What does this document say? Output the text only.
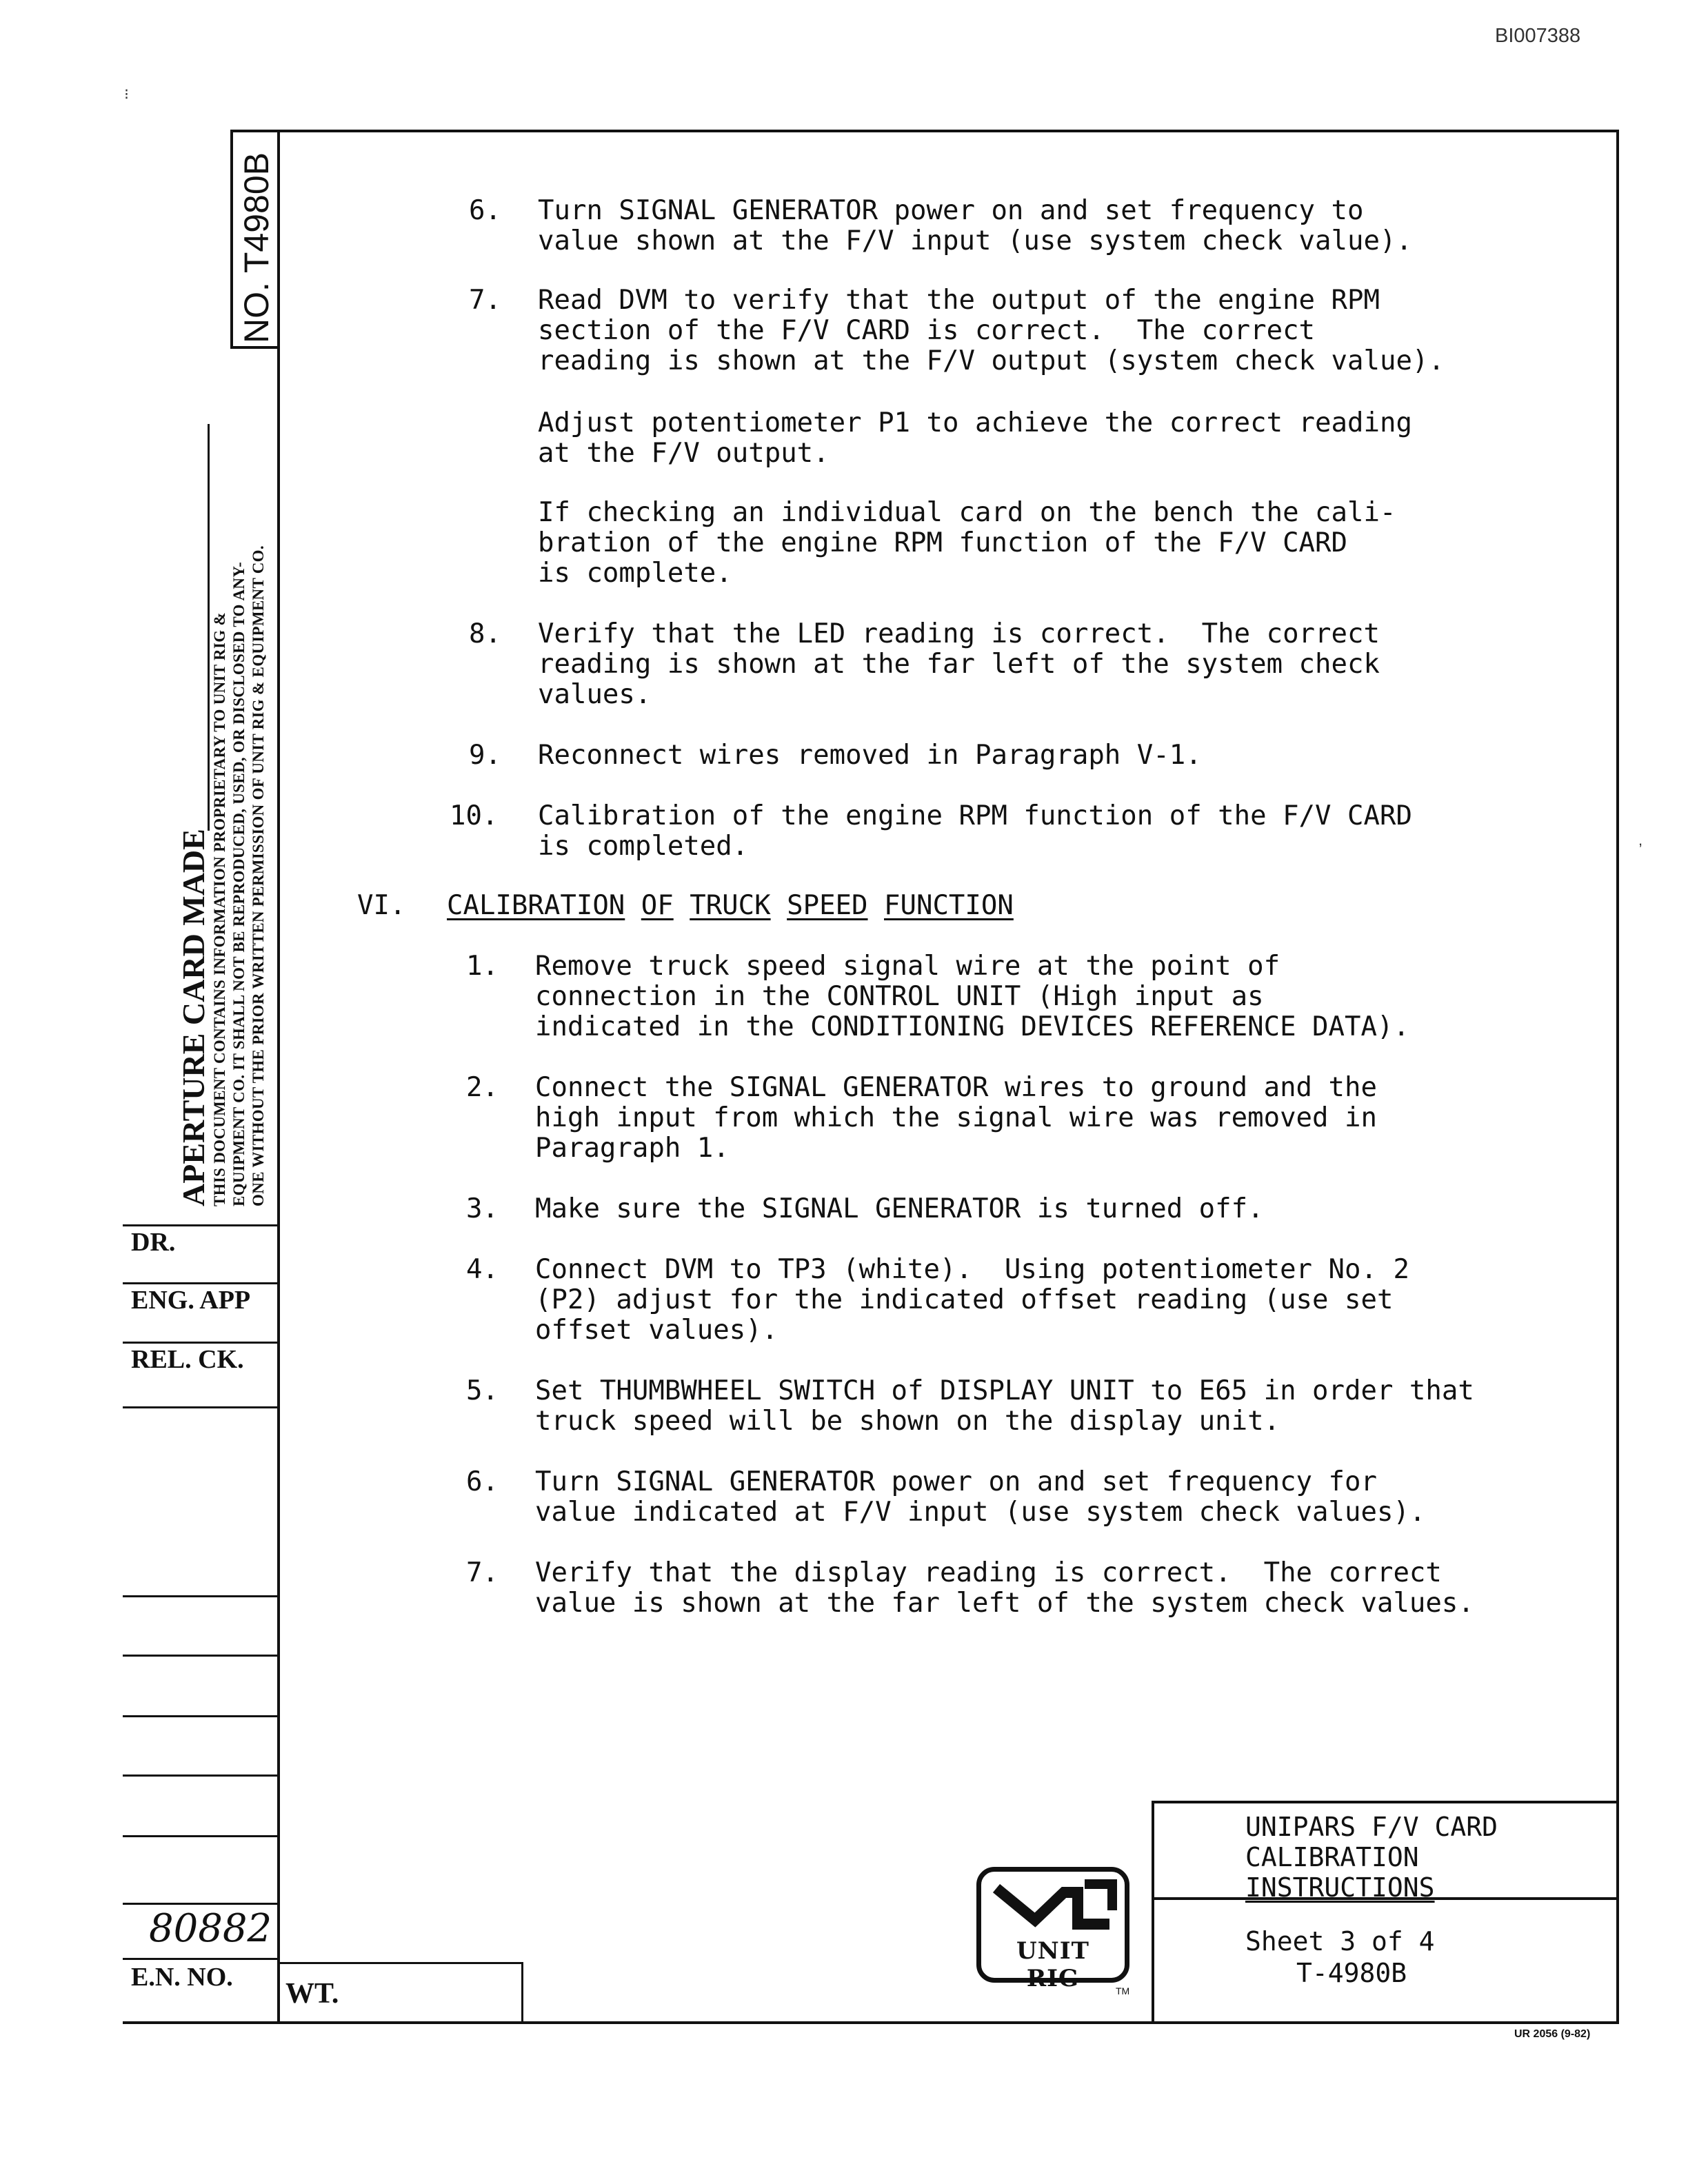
BI007388
NO. T4980B
APERTURE CARD MADE THIS DOCUMENT CONTAINS INFORMATION PROPRIETARY TO UNIT RIG & EQUIPMENT CO. IT SHALL NOT BE REPRODUCED, USED, OR DISCLOSED TO ANY- ONE WITHOUT THE PRIOR WRITTEN PERMISSION OF UNIT RIG & EQUIPMENT CO.
DR.
ENG. APP
REL. CK.
80882
E.N. NO.
WT.
6. Turn SIGNAL GENERATOR power on and set frequency to
value shown at the F/V input (use system check value).
7. Read DVM to verify that the output of the engine RPM
section of the F/V CARD is correct.  The correct
reading is shown at the F/V output (system check value).
Adjust potentiometer P1 to achieve the correct reading
at the F/V output.
If checking an individual card on the bench the cali-
bration of the engine RPM function of the F/V CARD
is complete.
8. Verify that the LED reading is correct.  The correct
reading is shown at the far left of the system check
values.
9. Reconnect wires removed in Paragraph V-1.
10. Calibration of the engine RPM function of the F/V CARD
is completed.
VI. CALIBRATION OF TRUCK SPEED FUNCTION
1. Remove truck speed signal wire at the point of
connection in the CONTROL UNIT (High input as
indicated in the CONDITIONING DEVICES REFERENCE DATA).
2. Connect the SIGNAL GENERATOR wires to ground and the
high input from which the signal wire was removed in
Paragraph 1.
3. Make sure the SIGNAL GENERATOR is turned off.
4. Connect DVM to TP3 (white).  Using potentiometer No. 2
(P2) adjust for the indicated offset reading (use set
offset values).
5. Set THUMBWHEEL SWITCH of DISPLAY UNIT to E65 in order that
truck speed will be shown on the display unit.
6. Turn SIGNAL GENERATOR power on and set frequency for
value indicated at F/V input (use system check values).
7. Verify that the display reading is correct.  The correct
value is shown at the far left of the system check values.
UNIPARS F/V CARD
CALIBRATION
INSTRUCTIONS
Sheet 3 of 4
T-4980B
UNIT RIG	TM
UR 2056 (9-82)
⁝
,
